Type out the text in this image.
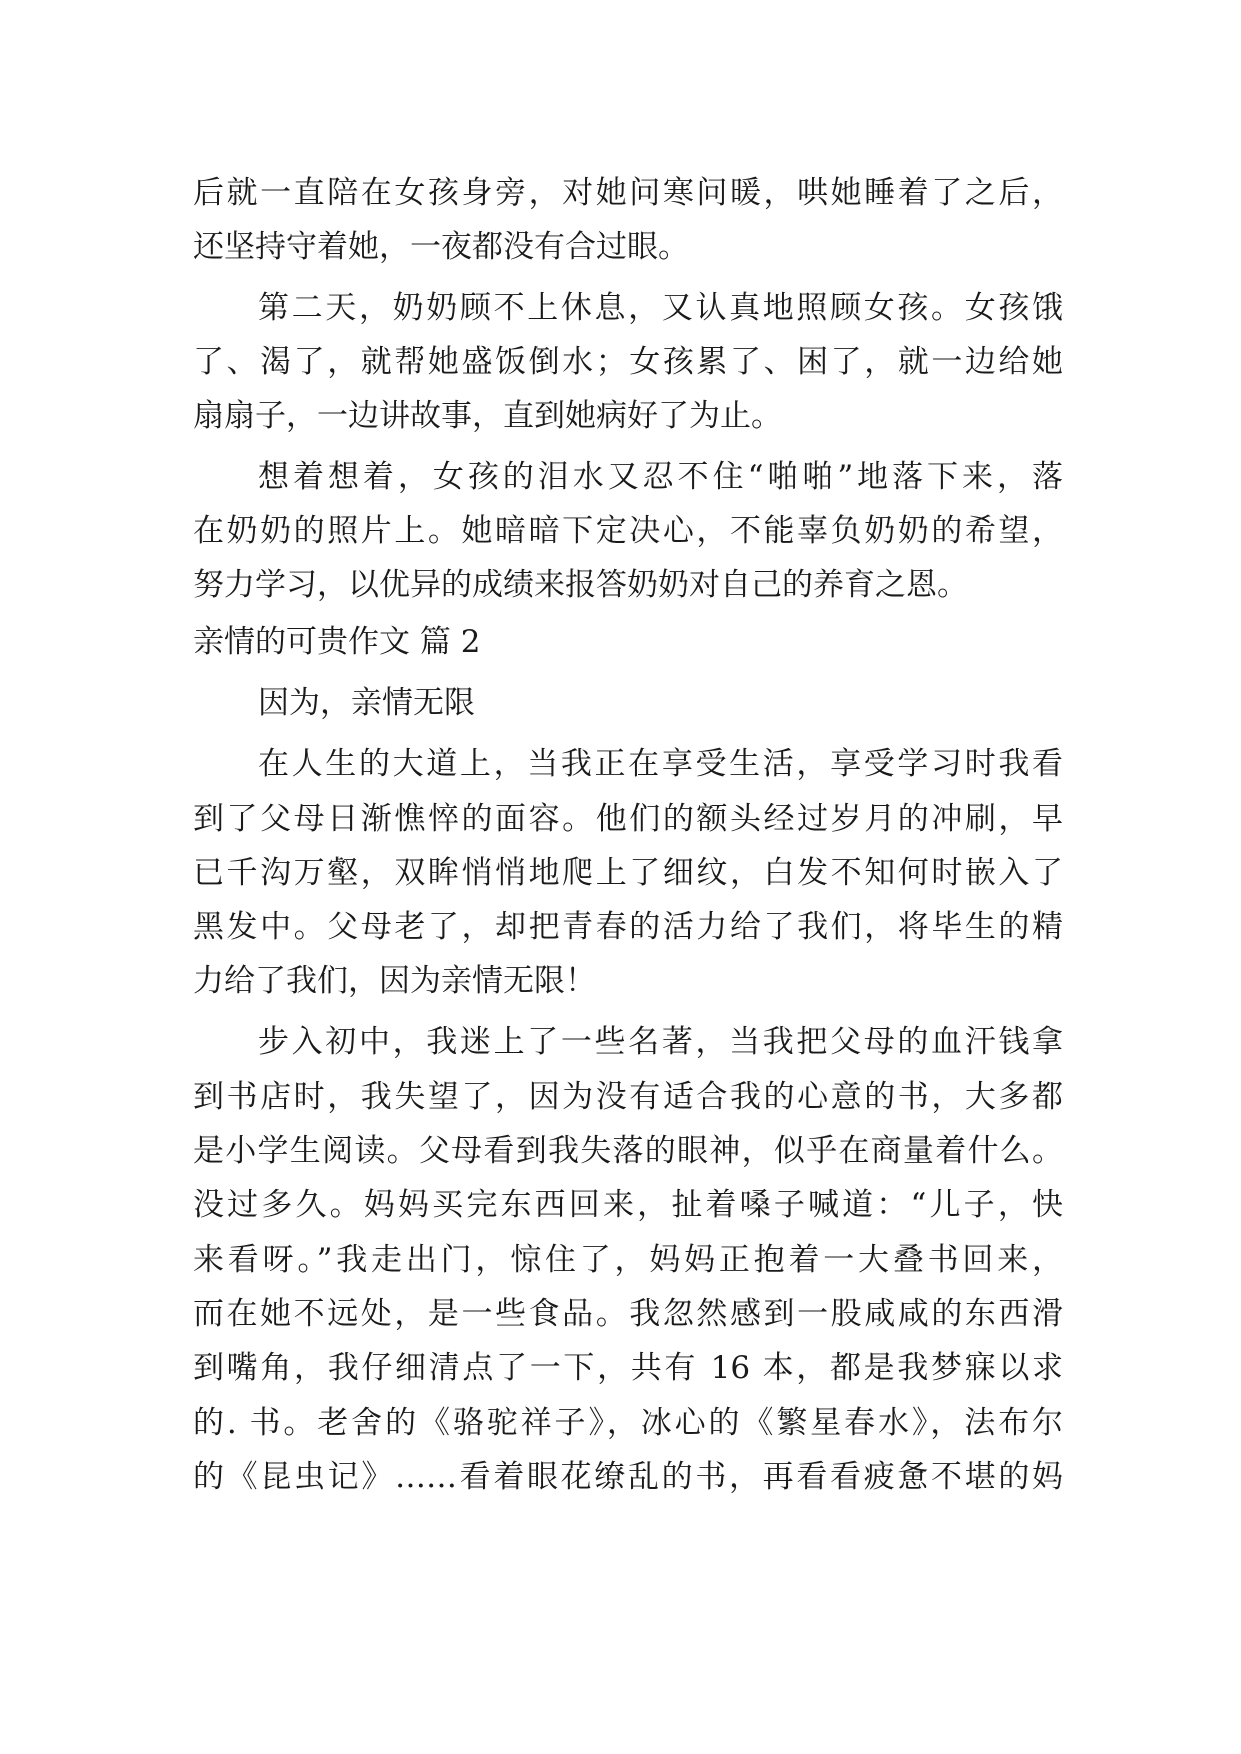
后就一直陪在女孩身旁，对她问寒问暖，哄她睡着了之后，
还坚持守着她，一夜都没有合过眼。
第二天，奶奶顾不上休息，又认真地照顾女孩。女孩饿
了、渴了，就帮她盛饭倒水；女孩累了、困了，就一边给她
扇扇子，一边讲故事，直到她病好了为止。
想着想着，女孩的泪水又忍不住“啪啪”地落下来，落
在奶奶的照片上。她暗暗下定决心，不能辜负奶奶的希望，
努力学习，以优异的成绩来报答奶奶对自己的养育之恩。
亲情的可贵作文 篇 2
因为，亲情无限
在人生的大道上，当我正在享受生活，享受学习时我看
到了父母日渐憔悴的面容。他们的额头经过岁月的冲刷，早
已千沟万壑，双眸悄悄地爬上了细纹，白发不知何时嵌入了
黑发中。父母老了，却把青春的活力给了我们，将毕生的精
力给了我们，因为亲情无限！
步入初中，我迷上了一些名著，当我把父母的血汗钱拿
到书店时，我失望了，因为没有适合我的心意的书，大多都
是小学生阅读。父母看到我失落的眼神，似乎在商量着什么。
没过多久。妈妈买完东西回来，扯着嗓子喊道：“儿子，快
来看呀。”我走出门，惊住了，妈妈正抱着一大叠书回来，
而在她不远处，是一些食品。我忽然感到一股咸咸的东西滑
到嘴角，我仔细清点了一下，共有 16 本，都是我梦寐以求
的. 书。老舍的《骆驼祥子》，冰心的《繁星春水》，法布尔
的《昆虫记》……看着眼花缭乱的书，再看看疲惫不堪的妈
